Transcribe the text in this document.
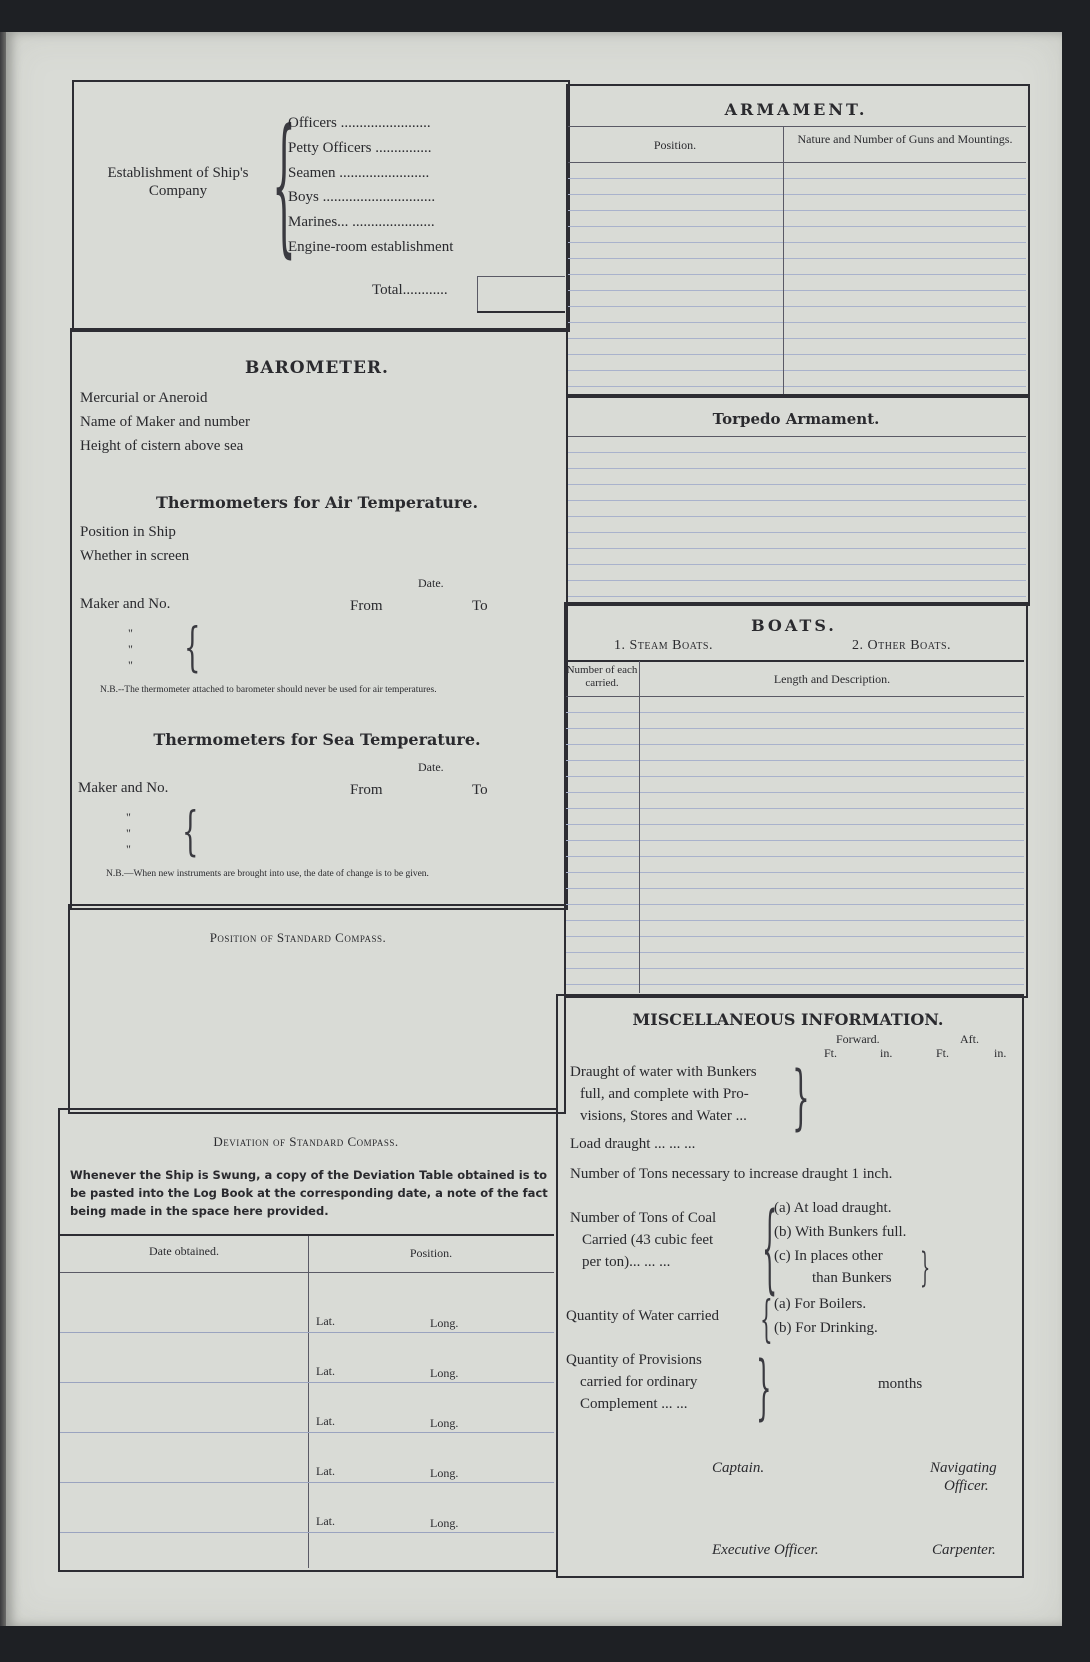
Establishment of Ship's Company {
Officers ........................
Petty Officers ...............
Seamen ........................
Boys ..............................
Marines... ......................
Engine-room establishment
Total............
BAROMETER.
Mercurial or Aneroid
Name of Maker and number
Height of cistern above sea
Thermometers for Air Temperature.
Position in Ship
Whether in screen
Date.
Maker and No.	From	To
"
"
" {
N.B.--The thermometer attached to barometer should never be used for air temperatures.
Thermometers for Sea Temperature.
Date.
Maker and No.	From	To
"
"
" {
N.B.—When new instruments are brought into use, the date of change is to be given.
Position of Standard Compass.
Deviation of Standard Compass.
Whenever the Ship is Swung, a copy of the Deviation Table obtained is to be pasted into the Log Book at the corresponding date, a note of the fact being made in the space here provided.
Date obtained.	Position.
Lat.	Long.
Lat.	Long.
Lat.	Long.
Lat.	Long.
Lat.	Long.
ARMAMENT.
Position.	Nature and Number of Guns and Mountings.
Torpedo Armament.
BOATS.
1. Steam Boats.	2. Other Boats.
Number of each carried.	Length and Description.
MISCELLANEOUS INFORMATION.
Forward.	Aft.
Ft.	in.	Ft.	in.
Draught of water with Bunkers
full, and complete with Pro-
visions, Stores and Water ... }
Load draught ... ... ...
Number of Tons necessary to increase draught 1 inch.
Number of Tons of Coal
Carried (43 cubic feet
per ton)... ... ... {
(a) At load draught.
(b) With Bunkers full.
(c) In places other
than Bunkers }
Quantity of Water carried { (a) For Boilers.
(b) For Drinking.
Quantity of Provisions
carried for ordinary
Complement ... ... }	months
Captain.	Navigating
Officer.
Executive Officer.	Carpenter.
